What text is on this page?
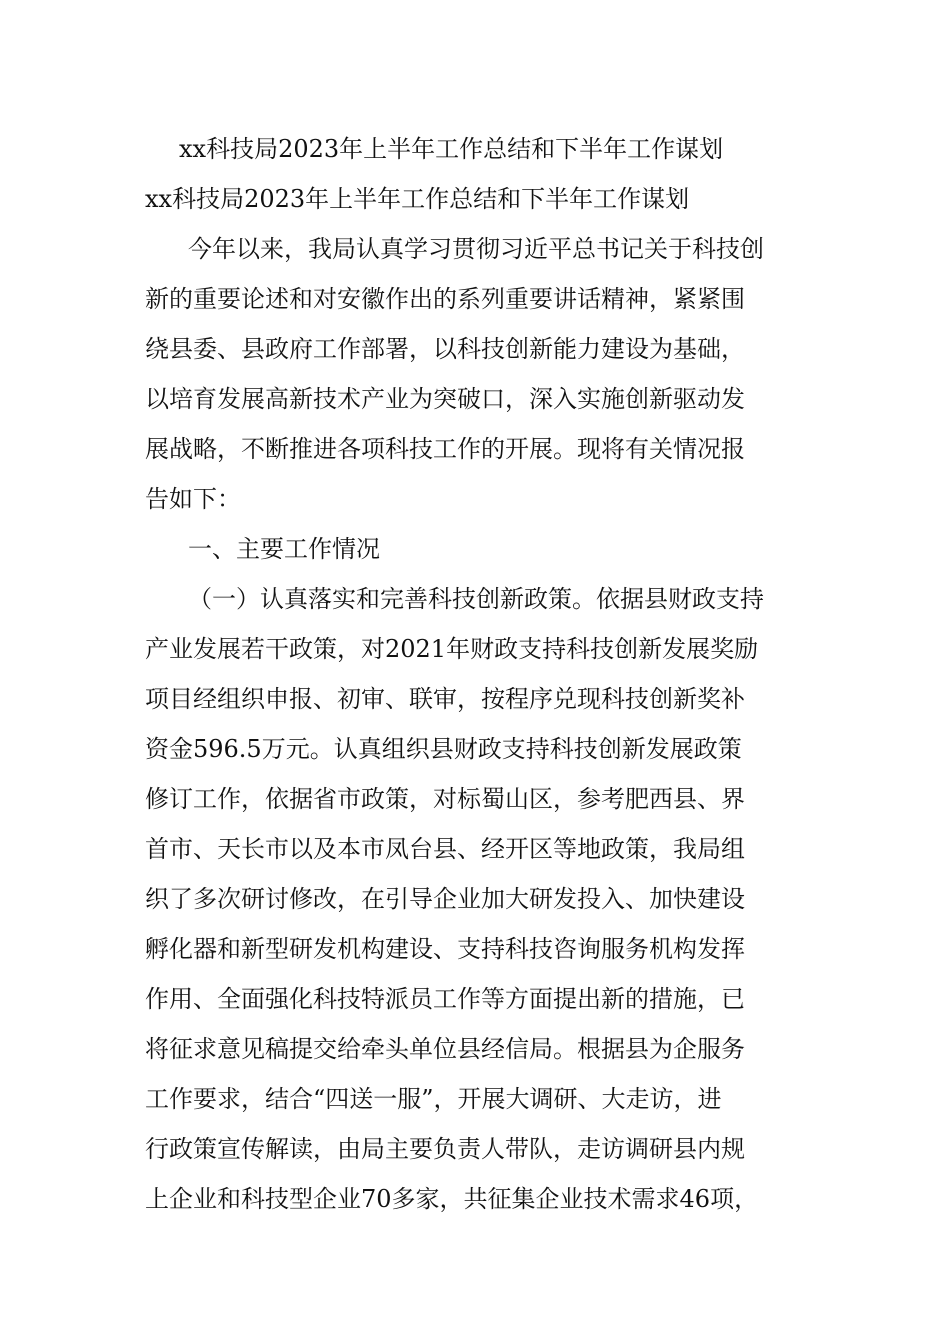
xx科技局2023年上半年工作总结和下半年工作谋划
xx科技局2023年上半年工作总结和下半年工作谋划
今年以来，我局认真学习贯彻习近平总书记关于科技创
新的重要论述和对安徽作出的系列重要讲话精神，紧紧围
绕县委、县政府工作部署，以科技创新能力建设为基础，
以培育发展高新技术产业为突破口，深入实施创新驱动发
展战略，不断推进各项科技工作的开展。现将有关情况报
告如下：
一、主要工作情况
（一）认真落实和完善科技创新政策。依据县财政支持
产业发展若干政策，对2021年财政支持科技创新发展奖励
项目经组织申报、初审、联审，按程序兑现科技创新奖补
资金596.5万元。认真组织县财政支持科技创新发展政策
修订工作，依据省市政策，对标蜀山区，参考肥西县、界
首市、天长市以及本市凤台县、经开区等地政策，我局组
织了多次研讨修改，在引导企业加大研发投入、加快建设
孵化器和新型研发机构建设、支持科技咨询服务机构发挥
作用、全面强化科技特派员工作等方面提出新的措施，已
将征求意见稿提交给牵头单位县经信局。根据县为企服务
工作要求，结合“四送一服”，开展大调研、大走访，进
行政策宣传解读，由局主要负责人带队，走访调研县内规
上企业和科技型企业70多家，共征集企业技术需求46项，
